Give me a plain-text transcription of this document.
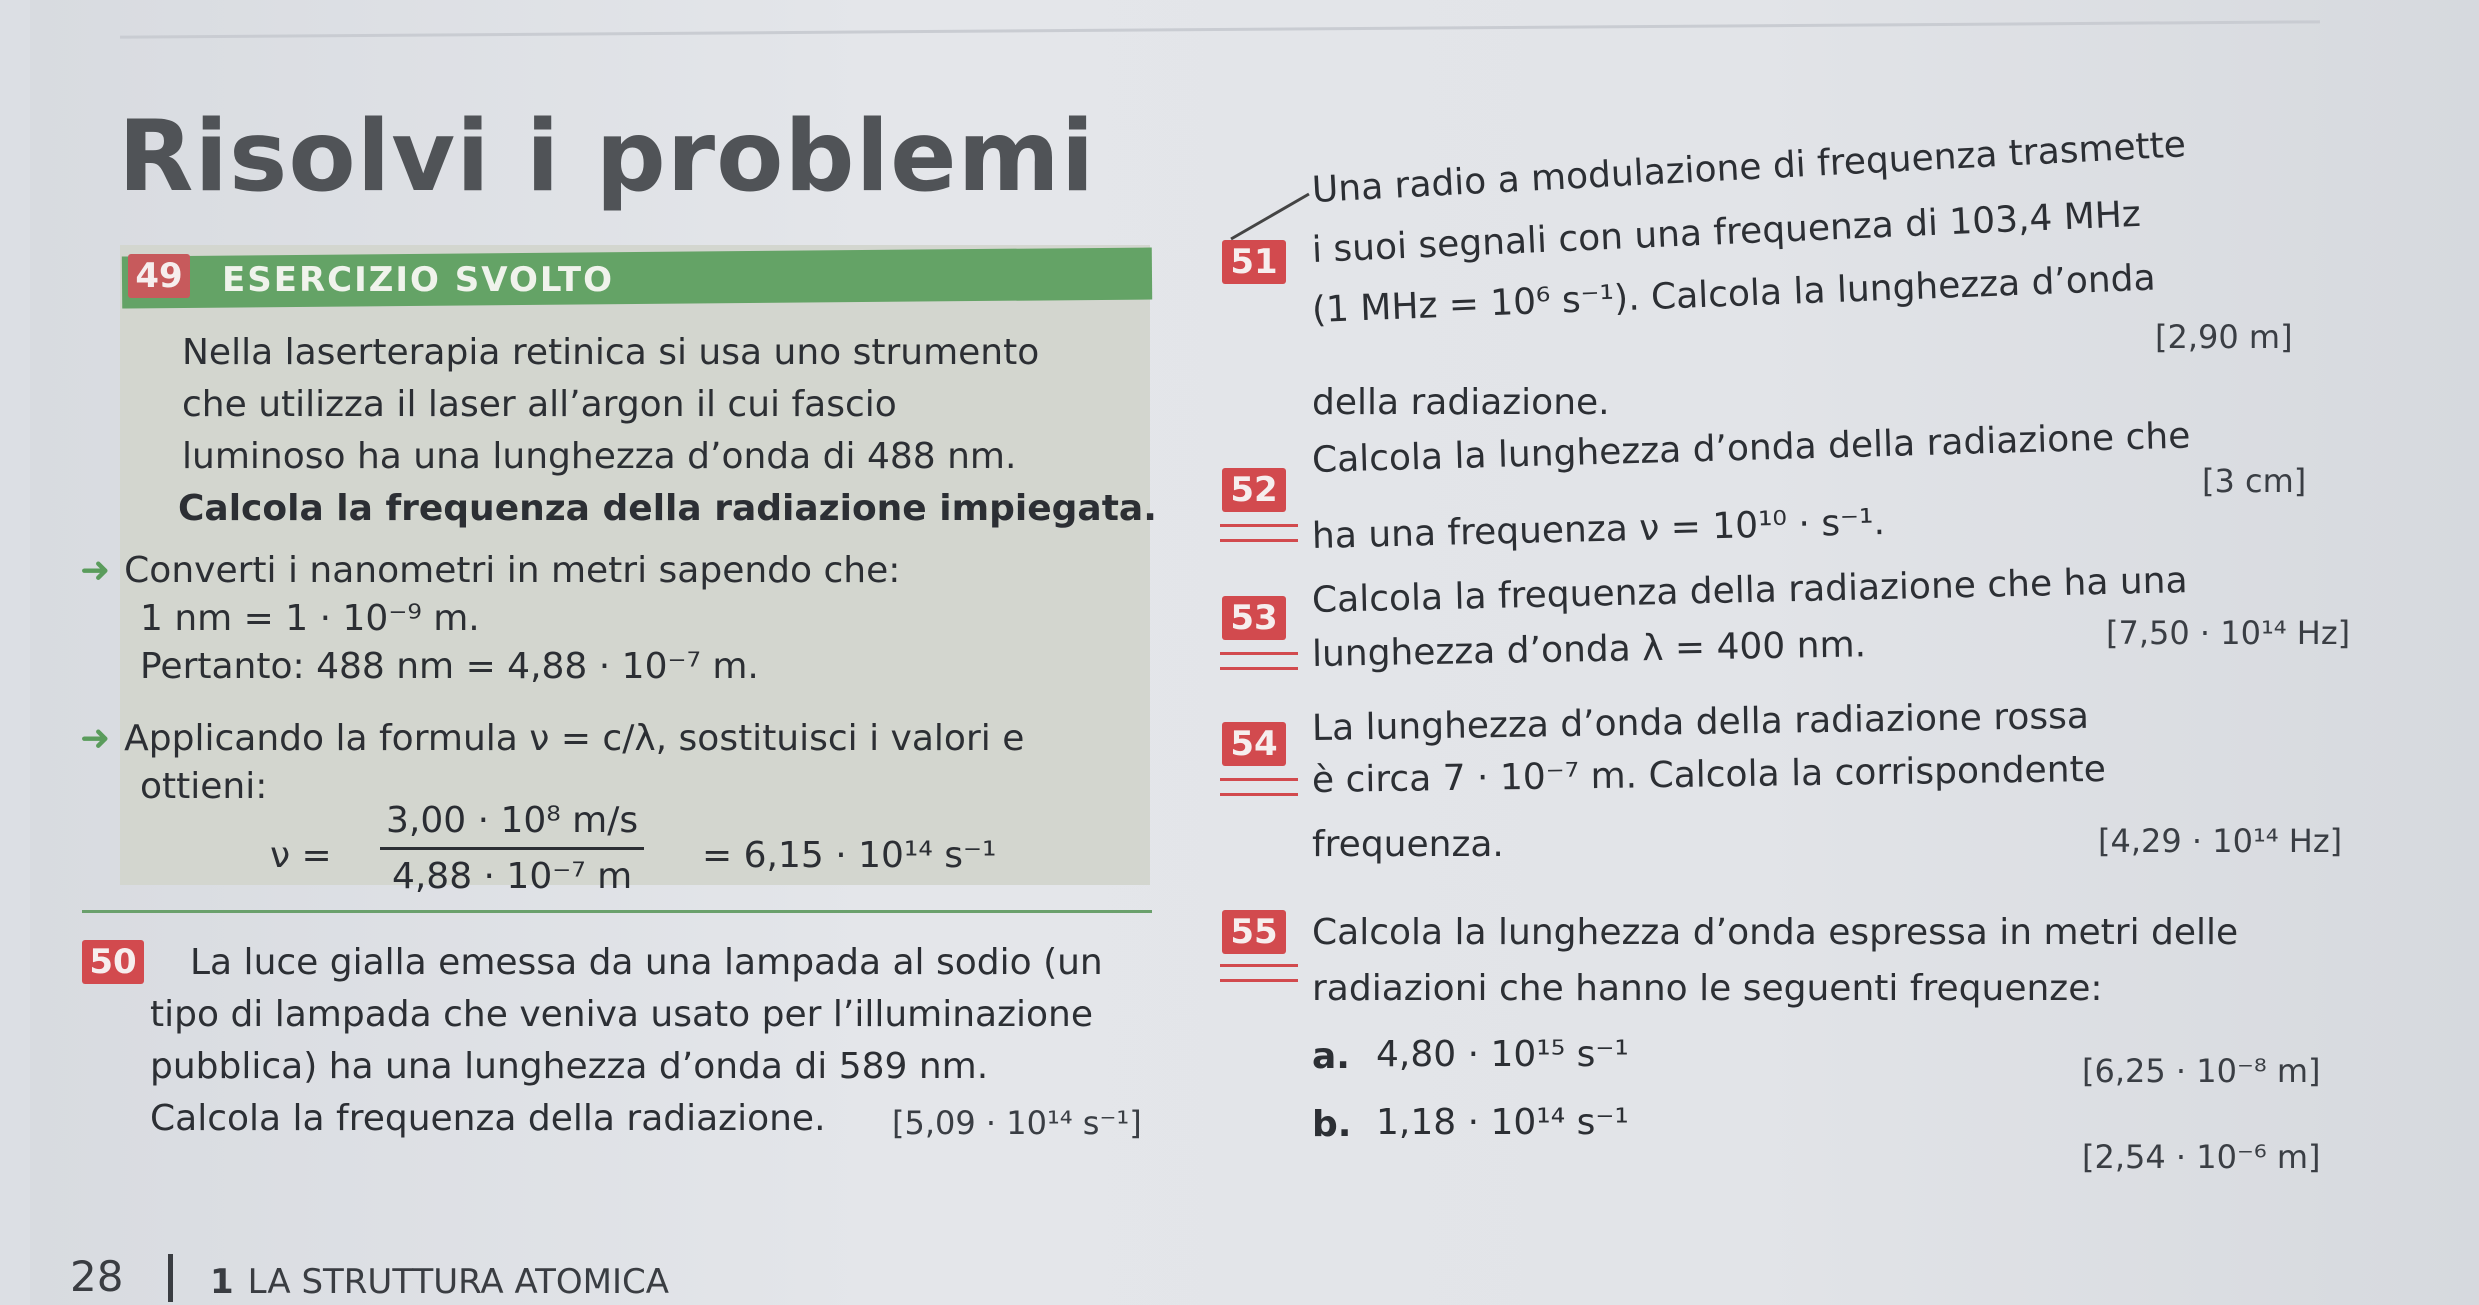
Risolvi i problemi
49 ESERCIZIO SVOLTO
Nella laserterapia retinica si usa uno strumento
che utilizza il laser all’argon il cui fascio
luminoso ha una lunghezza d’onda di 488 nm.
Calcola la frequenza della radiazione impiegata.
➜ Converti i nanometri in metri sapendo che:
1 nm = 1 · 10⁻⁹ m.
Pertanto: 488 nm = 4,88 · 10⁻⁷ m.
➜ Applicando la formula ν = c/λ, sostituisci i valori e
ottieni:
$\nu = \frac{\text{3,00 · 10⁸ m/s}}{\text{4,88 · 10⁻⁷ m}} = 6,15 \cdot 10^{14}$ s⁻¹
50 La luce gialla emessa da una lampada al sodio (un
tipo di lampada che veniva usato per l’illuminazione
pubblica) ha una lunghezza d’onda di 589 nm.
Calcola la frequenza della radiazione. [5,09 · 10¹⁴ s⁻¹]
51
Una radio a modulazione di frequenza trasmette
i suoi segnali con una frequenza di 103,4 MHz
(1 MHz = 10⁶ s⁻¹). Calcola la lunghezza d’onda
[2,90 m]
della radiazione.
52
Calcola la lunghezza d’onda della radiazione che
[3 cm]
ha una frequenza ν = 10¹⁰ · s⁻¹.
53 Calcola la frequenza della radiazione che ha una
[7,50 · 10¹⁴ Hz]
lunghezza d’onda λ = 400 nm.
54 La lunghezza d’onda della radiazione rossa
è circa 7 · 10⁻⁷ m. Calcola la corrispondente
frequenza.	[4,29 · 10¹⁴ Hz]
55 Calcola la lunghezza d’onda espressa in metri delle
radiazioni che hanno le seguenti frequenze:
a. 4,80 · 10¹⁵ s⁻¹	[6,25 · 10⁻⁸ m]
b. 1,18 · 10¹⁴ s⁻¹
[2,54 · 10⁻⁶ m]
28	1 LA STRUTTURA ATOMICA
